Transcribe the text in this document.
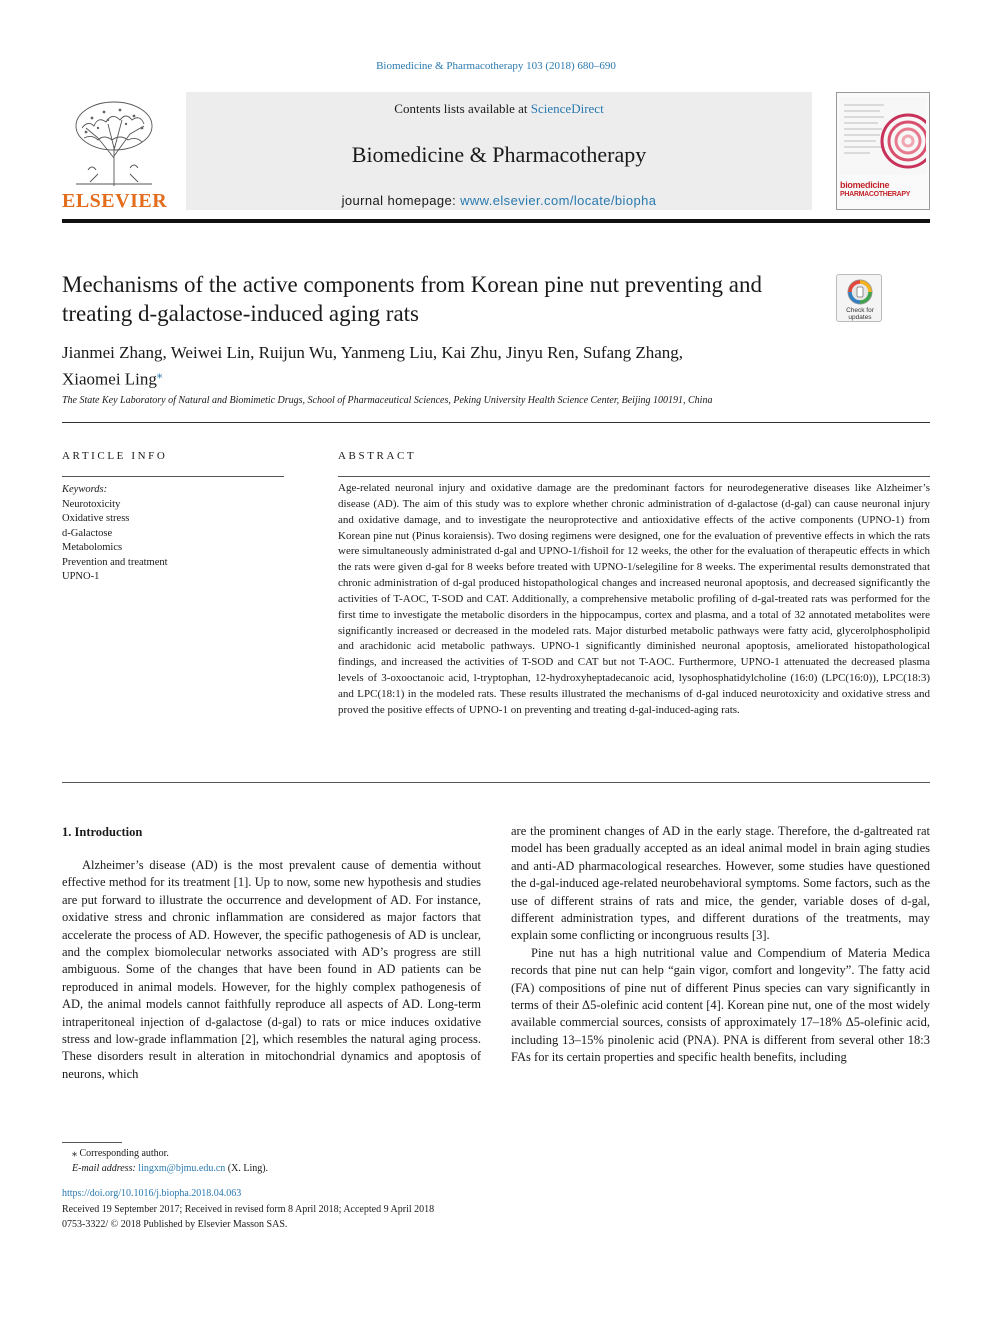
Biomedicine & Pharmacotherapy 103 (2018) 680–690
ELSEVIER
Contents lists available at ScienceDirect
Biomedicine & Pharmacotherapy
journal homepage: www.elsevier.com/locate/biopha
biomedicine
PHARMACOTHERAPY
Mechanisms of the active components from Korean pine nut preventing and treating d-galactose-induced aging rats	Check for
updates
Jianmei Zhang, Weiwei Lin, Ruijun Wu, Yanmeng Liu, Kai Zhu, Jinyu Ren, Sufang Zhang,
Xiaomei Ling⁎
The State Key Laboratory of Natural and Biomimetic Drugs, School of Pharmaceutical Sciences, Peking University Health Science Center, Beijing 100191, China
ARTICLE INFO	ABSTRACT
Keywords:
Neurotoxicity
Oxidative stress
d-Galactose
Metabolomics
Prevention and treatment
UPNO-1
Age-related neuronal injury and oxidative damage are the predominant factors for neurodegenerative diseases like Alzheimer’s disease (AD). The aim of this study was to explore whether chronic administration of d-galactose (d-gal) can cause neuronal injury and oxidative damage, and to investigate the neuroprotective and antioxidative effects of the active components (UPNO-1) from Korean pine nut (Pinus koraiensis). Two dosing regimens were designed, one for the evaluation of preventive effects in which the rats were simultaneously administrated d-gal and UPNO-1/fishoil for 12 weeks, the other for the evaluation of therapeutic effects in which the rats were given d-gal for 8 weeks before treated with UPNO-1/selegiline for 8 weeks. The experimental results demonstrated that chronic administration of d-gal produced histopathological changes and increased neuronal apoptosis, and decreased significantly the activities of T-AOC, T-SOD and CAT. Additionally, a comprehensive metabolic profiling of d-gal-treated rats was performed for the first time to investigate the metabolic disorders in the hippocampus, cortex and plasma, and a total of 32 annotated metabolites were significantly increased or decreased in the modeled rats. Major disturbed metabolic pathways were fatty acid, glycerolphospholipid and arachidonic acid metabolic pathways. UPNO-1 significantly diminished neuronal apoptosis, ameliorated histopathological findings, and increased the activities of T-SOD and CAT but not T-AOC. Furthermore, UPNO-1 attenuated the decreased plasma levels of 3-oxooctanoic acid, l-tryptophan, 12-hydroxyheptadecanoic acid, lysophosphatidylcholine (16:0) (LPC(16:0)), LPC(18:3) and LPC(18:1) in the modeled rats. These results illustrated the mechanisms of d-gal induced neurotoxicity and oxidative stress and proved the positive effects of UPNO-1 on preventing and treating d-gal-induced-aging rats.
1. Introduction

Alzheimer’s disease (AD) is the most prevalent cause of dementia without effective method for its treatment [1]. Up to now, some new hypothesis and studies are put forward to illustrate the occurrence and development of AD. For instance, oxidative stress and chronic inflammation are considered as major factors that accelerate the process of AD. However, the specific pathogenesis of AD is unclear, and the complex biomolecular networks associated with AD’s progress are still ambiguous. Some of the changes that have been found in AD patients can be reproduced in animal models. However, for the highly complex pathogenesis of AD, the animal models cannot faithfully reproduce all aspects of AD. Long-term intraperitoneal injection of d-galactose (d-gal) to rats or mice induces oxidative stress and low-grade inflammation [2], which resembles the natural aging process. These disorders result in alteration in mitochondrial dynamics and apoptosis of neurons, which

are the prominent changes of AD in the early stage. Therefore, the d-galtreated rat model has been gradually accepted as an ideal animal model in brain aging studies and anti-AD pharmacological researches. However, some studies have questioned the d-gal-induced age-related neurobehavioral symptoms. Some factors, such as the use of different strains of rats and mice, the gender, variable doses of d-gal, different administration types, and different durations of the treatments, may explain some conflicting or incongruous results [3].

Pine nut has a high nutritional value and Compendium of Materia Medica records that pine nut can help “gain vigor, comfort and longevity”. The fatty acid (FA) compositions of pine nut of different Pinus species can vary significantly in terms of their Δ5-olefinic acid content [4]. Korean pine nut, one of the most widely available commercial sources, consists of approximately 17–18% Δ5-olefinic acid, including 13–15% pinolenic acid (PNA). PNA is different from several other 18:3 FAs for its certain properties and specific health benefits, including

⁎ Corresponding author.
E-mail address: lingxm@bjmu.edu.cn (X. Ling).
https://doi.org/10.1016/j.biopha.2018.04.063
Received 19 September 2017; Received in revised form 8 April 2018; Accepted 9 April 2018
0753-3322/ © 2018 Published by Elsevier Masson SAS.
